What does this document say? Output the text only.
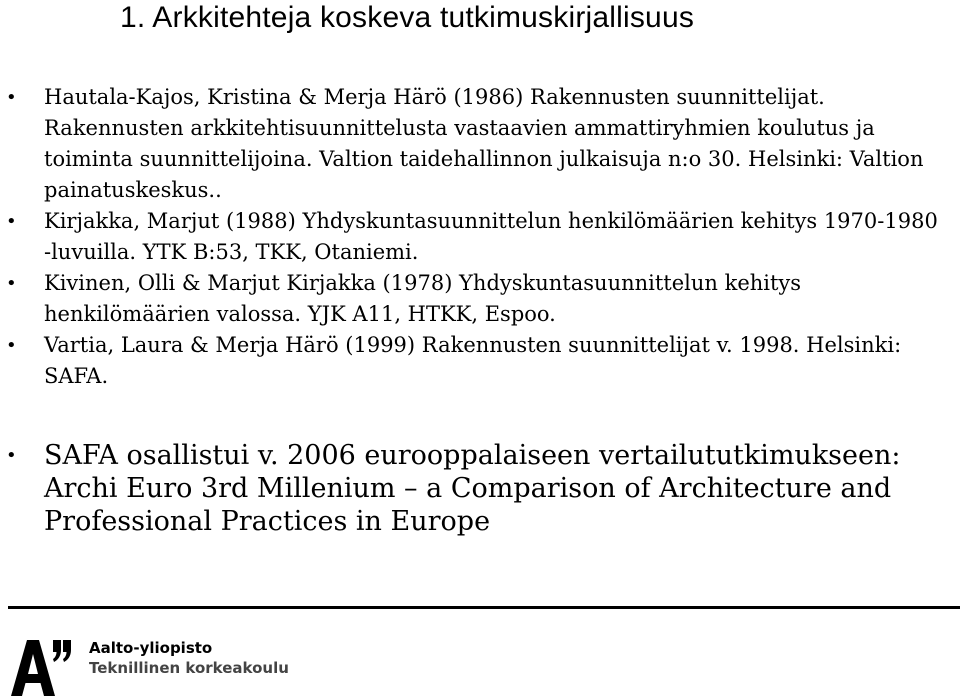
1. Arkkitehteja koskeva tutkimuskirjallisuus
•	Hautala-Kajos, Kristina & Merja Härö (1986) Rakennusten suunnittelijat. Rakennusten arkkitehtisuunnittelusta vastaavien ammattiryhmien koulutus ja toiminta suunnittelijoina. Valtion taidehallinnon julkaisuja n:o 30. Helsinki: Valtion painatuskeskus..
•	Kirjakka, Marjut (1988) Yhdyskuntasuunnittelun henkilömäärien kehitys 1970-1980 -luvuilla. YTK B:53, TKK, Otaniemi.
•	Kivinen, Olli & Marjut Kirjakka (1978) Yhdyskuntasuunnittelun kehitys henkilömäärien valossa. YJK A11, HTKK, Espoo.
•	Vartia, Laura & Merja Härö (1999) Rakennusten suunnittelijat v. 1998. Helsinki: SAFA.
•	SAFA osallistui v. 2006 eurooppalaiseen vertailututkimukseen: Archi Euro 3rd Millenium – a Comparison of Architecture and Professional Practices in Europe
Aalto-yliopisto
Teknillinen korkeakoulu
